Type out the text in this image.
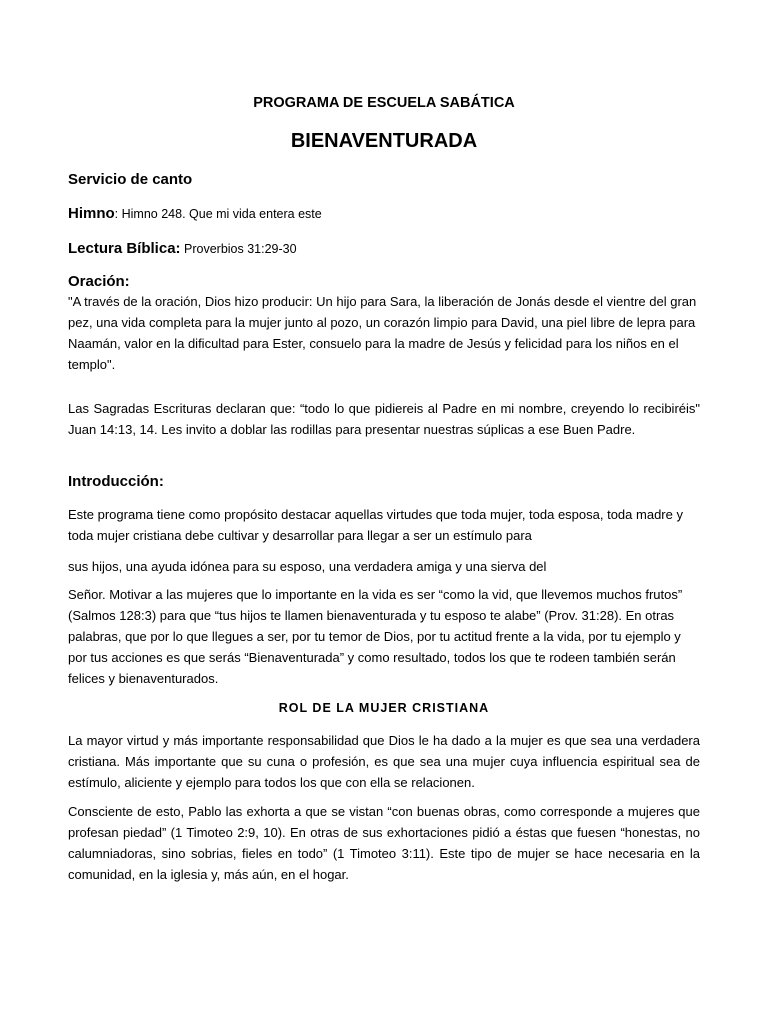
PROGRAMA DE ESCUELA SABÁTICA

BIENAVENTURADA

Servicio de canto

Himno: Himno 248. Que mi vida entera este

Lectura Bíblica: Proverbios 31:29-30

Oración:

"A través de la oración, Dios hizo producir: Un hijo para Sara, la liberación de Jonás desde el vientre del gran pez, una vida completa para la mujer junto al pozo, un corazón limpio para David, una piel libre de lepra para Naamán, valor en la dificultad para Ester, consuelo para la madre de Jesús y felicidad para los niños en el templo".

Las Sagradas Escrituras declaran que: “todo lo que pidiereis al Padre en mi nombre, creyendo lo recibiréis" Juan 14:13, 14. Les invito a doblar las rodillas para presentar nuestras súplicas a ese Buen Padre.

Introducción:

Este programa tiene como propósito destacar aquellas virtudes que toda mujer, toda esposa, toda madre y toda mujer cristiana debe cultivar y desarrollar para llegar a ser un estímulo para

sus hijos, una ayuda idónea para su esposo, una verdadera amiga y una sierva del

Señor. Motivar a las mujeres que lo importante en la vida es ser “como la vid, que llevemos muchos frutos” (Salmos 128:3) para que “tus hijos te llamen bienaventurada y tu esposo te alabe” (Prov. 31:28). En otras palabras, que por lo que llegues a ser, por tu temor de Dios, por tu actitud frente a la vida, por tu ejemplo y por tus acciones es que serás “Bienaventurada” y como resultado, todos los que te rodeen también serán felices y bienaventurados.

ROL DE LA MUJER CRISTIANA

La mayor virtud y más importante responsabilidad que Dios le ha dado a la mujer es que sea una verdadera cristiana. Más importante que su cuna o profesión, es que sea una mujer cuya influencia espiritual sea de estímulo, aliciente y ejemplo para todos los que con ella se relacionen.

Consciente de esto, Pablo las exhorta a que se vistan “con buenas obras, como corresponde a mujeres que profesan piedad” (1 Timoteo 2:9, 10). En otras de sus exhortaciones pidió a éstas que fuesen “honestas, no calumniadoras, sino sobrias, fieles en todo” (1 Timoteo 3:11). Este tipo de mujer se hace necesaria en la comunidad, en la iglesia y, más aún, en el hogar.
